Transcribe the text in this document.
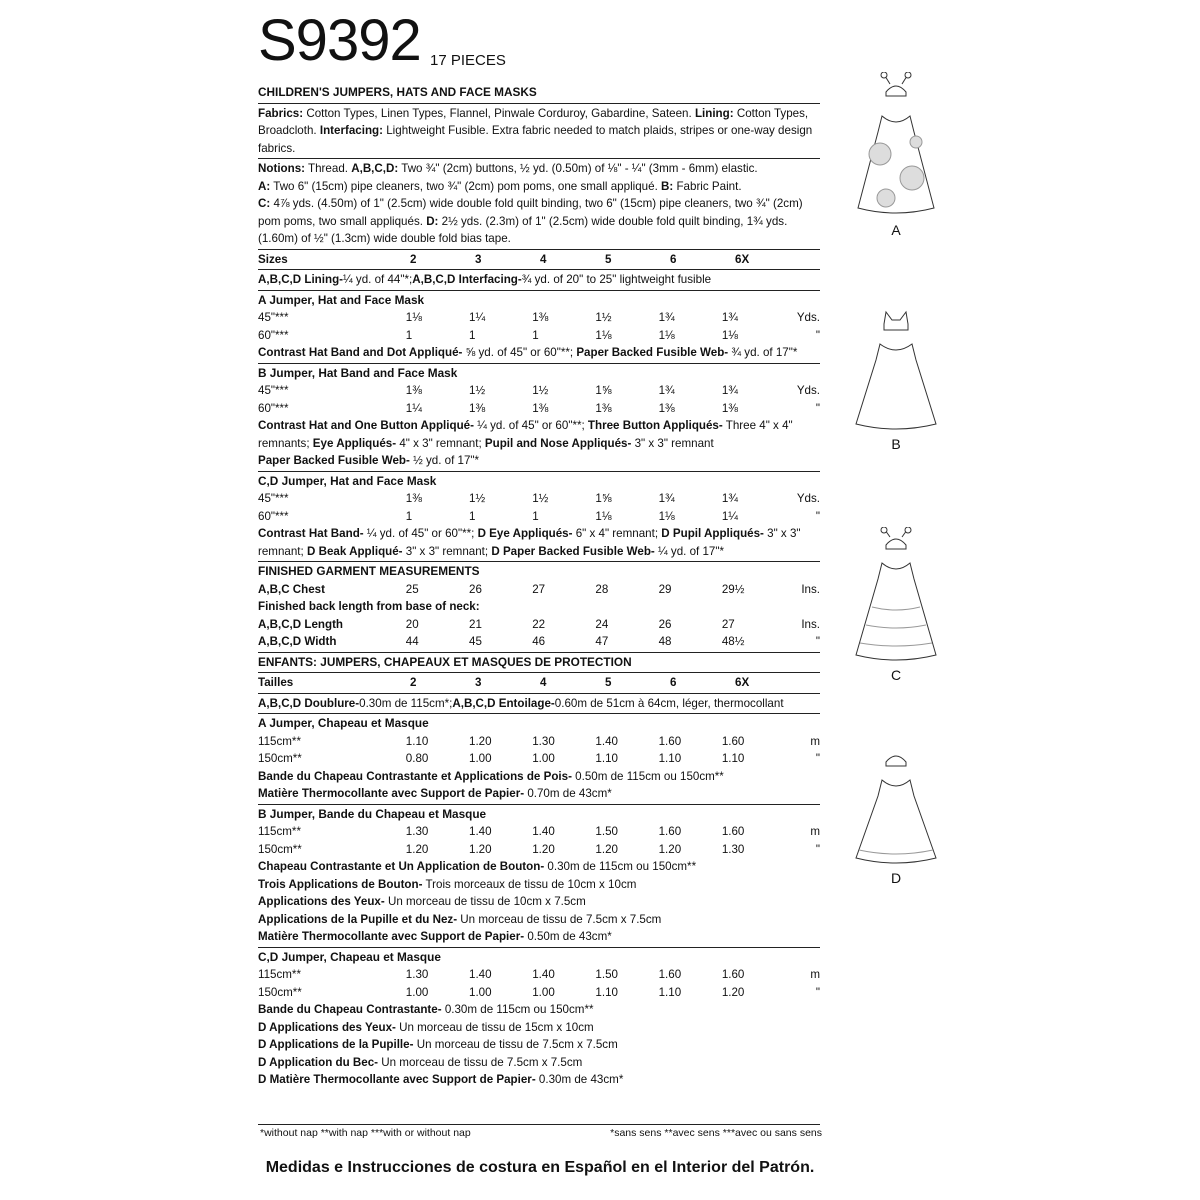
S9392 17 PIECES
CHILDREN'S JUMPERS, HATS AND FACE MASKS
Fabrics: Cotton Types, Linen Types, Flannel, Pinwale Corduroy, Gabardine, Sateen. Lining: Cotton Types, Broadcloth. Interfacing: Lightweight Fusible. Extra fabric needed to match plaids, stripes or one-way design fabrics.
Notions: Thread. A,B,C,D: Two ¾" (2cm) buttons, ½ yd. (0.50m) of ⅛" - ¼" (3mm - 6mm) elastic.
A: Two 6" (15cm) pipe cleaners, two ¾" (2cm) pom poms, one small appliqué. B: Fabric Paint.
C: 4⅞ yds. (4.50m) of 1" (2.5cm) wide double fold quilt binding, two 6" (15cm) pipe cleaners, two ¾" (2cm) pom poms, two small appliqués. D: 2½ yds. (2.3m) of 1" (2.5cm) wide double fold quilt binding, 1¾ yds. (1.60m) of ½" (1.3cm) wide double fold bias tape.
Sizes	2	3	4	5	6	6X
A,B,C,D Lining- ¼ yd. of 44"*; A,B,C,D Interfacing- ¾ yd. of 20" to 25" lightweight fusible
A Jumper, Hat and Face Mask
45"***	1⅛	1¼	1⅜	1½	1¾	1¾	Yds.
60"***	1	1	1	1⅛	1⅛	1⅛	"
Contrast Hat Band and Dot Appliqué- ⅝ yd. of 45" or 60"**; Paper Backed Fusible Web- ¾ yd. of 17"*
B Jumper, Hat Band and Face Mask
45"***	1⅜	1½	1½	1⅝	1¾	1¾	Yds.
60"***	1¼	1⅜	1⅜	1⅜	1⅜	1⅜	"
Contrast Hat and One Button Appliqué- ¼ yd. of 45" or 60"**; Three Button Appliqués- Three 4" x 4" remnants; Eye Appliqués- 4" x 3" remnant; Pupil and Nose Appliqués- 3" x 3" remnant
Paper Backed Fusible Web- ½ yd. of 17"*
C,D Jumper, Hat and Face Mask
45"***	1⅜	1½	1½	1⅝	1¾	1¾	Yds.
60"***	1	1	1	1⅛	1⅛	1¼	"
Contrast Hat Band- ¼ yd. of 45" or 60"**; D Eye Appliqués- 6" x 4" remnant; D Pupil Appliqués- 3" x 3" remnant; D Beak Appliqué- 3" x 3" remnant; D Paper Backed Fusible Web- ¼ yd. of 17"*
FINISHED GARMENT MEASUREMENTS
A,B,C Chest	25	26	27	28	29	29½	Ins.
Finished back length from base of neck:
A,B,C,D Length	20	21	22	24	26	27	Ins.
A,B,C,D Width	44	45	46	47	48	48½	"
ENFANTS: JUMPERS, CHAPEAUX ET MASQUES DE PROTECTION
Tailles	2	3	4	5	6	6X
A,B,C,D Doublure- 0.30m de 115cm*; A,B,C,D Entoilage- 0.60m de 51cm à 64cm, léger, thermocollant
A Jumper, Chapeau et Masque
115cm**	1.10	1.20	1.30	1.40	1.60	1.60	m
150cm**	0.80	1.00	1.00	1.10	1.10	1.10	"
Bande du Chapeau Contrastante et Applications de Pois- 0.50m de 115cm ou 150cm**
Matière Thermocollante avec Support de Papier- 0.70m de 43cm*
B Jumper, Bande du Chapeau et Masque
115cm**	1.30	1.40	1.40	1.50	1.60	1.60	m
150cm**	1.20	1.20	1.20	1.20	1.20	1.30	"
Chapeau Contrastante et Un Application de Bouton- 0.30m de 115cm ou 150cm**
Trois Applications de Bouton- Trois morceaux de tissu de 10cm x 10cm
Applications des Yeux- Un morceau de tissu de 10cm x 7.5cm
Applications de la Pupille et du Nez- Un morceau de tissu de 7.5cm x 7.5cm
Matière Thermocollante avec Support de Papier- 0.50m de 43cm*
C,D Jumper, Chapeau et Masque
115cm**	1.30	1.40	1.40	1.50	1.60	1.60	m
150cm**	1.00	1.00	1.00	1.10	1.10	1.20	"
Bande du Chapeau Contrastante- 0.30m de 115cm ou 150cm**
D Applications des Yeux- Un morceau de tissu de 15cm x 10cm
D Applications de la Pupille- Un morceau de tissu de 7.5cm x 7.5cm
D Application du Bec- Un morceau de tissu de 7.5cm x 7.5cm
D Matière Thermocollante avec Support de Papier- 0.30m de 43cm*
*without nap **with nap ***with or without nap	*sans sens **avec sens ***avec ou sans sens
Medidas e Instrucciones de costura en Español en el Interior del Patrón.
A
B
C
D
